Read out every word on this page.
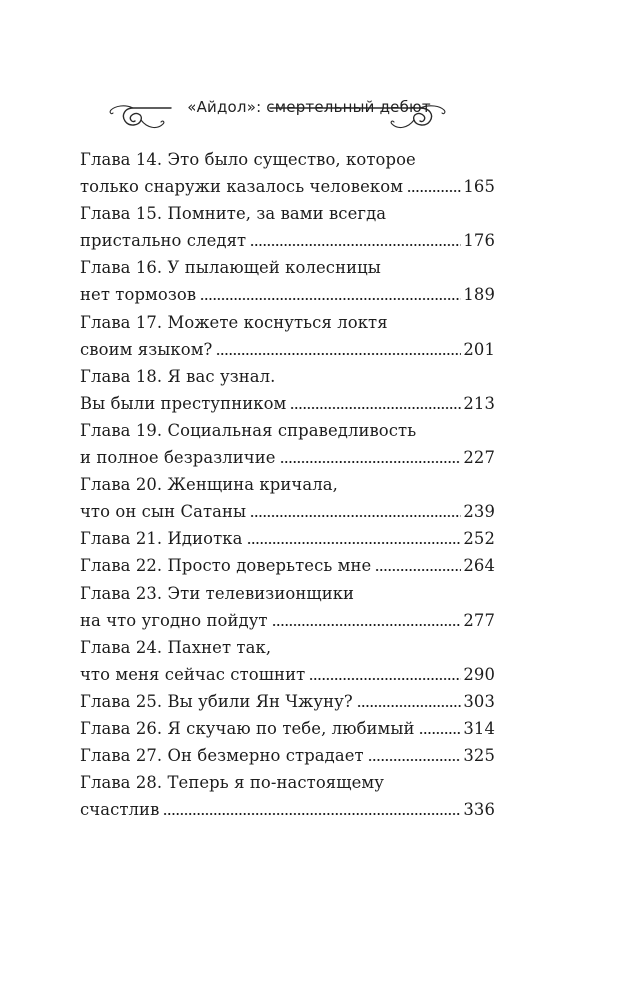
«Айдол»: смертельный дебют
Глава 14. Это было существо, которое
только снаружи казалось человеком	165
Глава 15. Помните, за вами всегда
пристально следят	176
Глава 16. У пылающей колесницы
нет тормозов	189
Глава 17. Можете коснуться локтя
своим языком?	201
Глава 18. Я вас узнал.
Вы были преступником	213
Глава 19. Социальная справедливость
и полное безразличие	227
Глава 20. Женщина кричала,
что он сын Сатаны	239
Глава 21. Идиотка	252
Глава 22. Просто доверьтесь мне	264
Глава 23. Эти телевизионщики
на что угодно пойдут	277
Глава 24. Пахнет так,
что меня сейчас стошнит	290
Глава 25. Вы убили Ян Чжуну?	303
Глава 26. Я скучаю по тебе, любимый	314
Глава 27. Он безмерно страдает	325
Глава 28. Теперь я по-настоящему
счастлив	336
